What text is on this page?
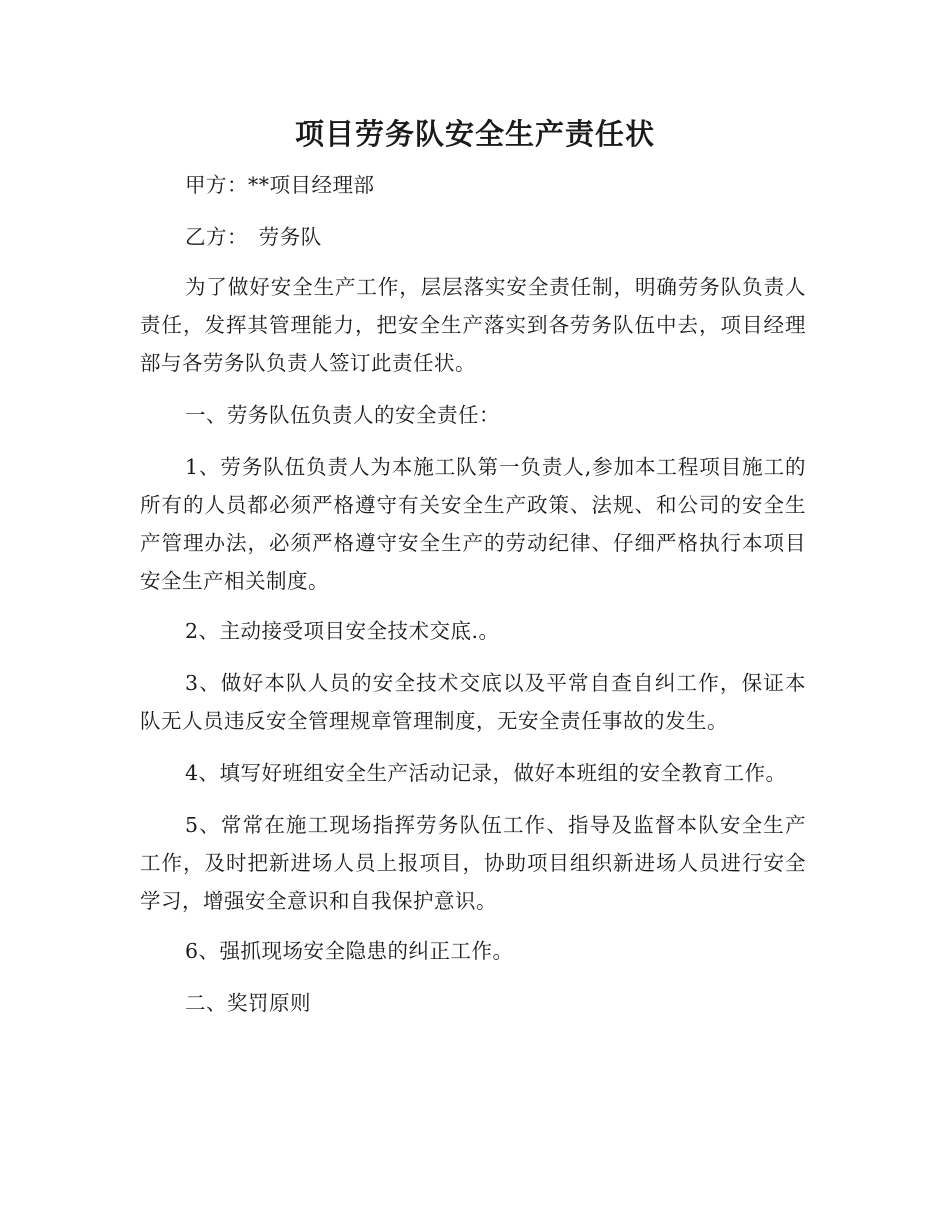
项目劳务队安全生产责任状

甲方：**项目经理部

乙方：　劳务队

为了做好安全生产工作，层层落实安全责任制，明确劳务队负责人责任，发挥其管理能力，把安全生产落实到各劳务队伍中去，项目经理部与各劳务队负责人签订此责任状。

一、劳务队伍负责人的安全责任：

1、劳务队伍负责人为本施工队第一负责人,参加本工程项目施工的所有的人员都必须严格遵守有关安全生产政策、法规、和公司的安全生产管理办法，必须严格遵守安全生产的劳动纪律、仔细严格执行本项目安全生产相关制度。

2、主动接受项目安全技术交底.。

3、做好本队人员的安全技术交底以及平常自查自纠工作，保证本队无人员违反安全管理规章管理制度，无安全责任事故的发生。

4、填写好班组安全生产活动记录，做好本班组的安全教育工作。

5、常常在施工现场指挥劳务队伍工作、指导及监督本队安全生产工作，及时把新进场人员上报项目，协助项目组织新进场人员进行安全学习，增强安全意识和自我保护意识。

6、强抓现场安全隐患的纠正工作。

二、奖罚原则
